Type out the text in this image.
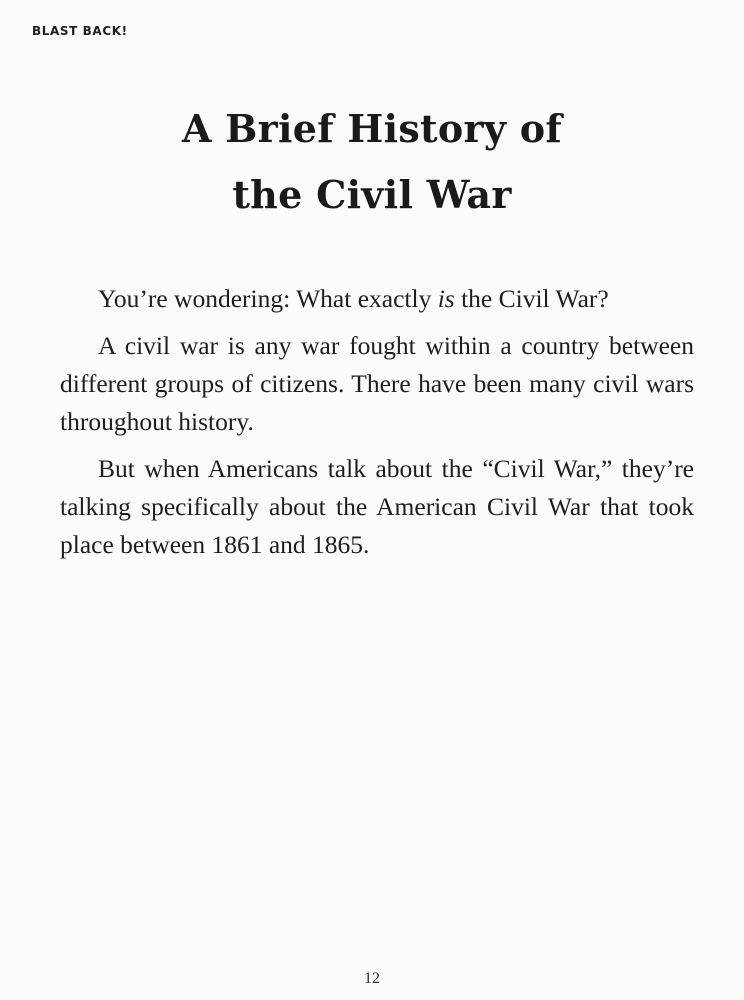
BLAST BACK!
A Brief History of
the Civil War

You’re wondering: What exactly is the Civil War?

A civil war is any war fought within a country between different groups of citizens. There have been many civil wars throughout history.

But when Americans talk about the “Civil War,” they’re talking specifically about the American Civil War that took place between 1861 and 1865.

12
